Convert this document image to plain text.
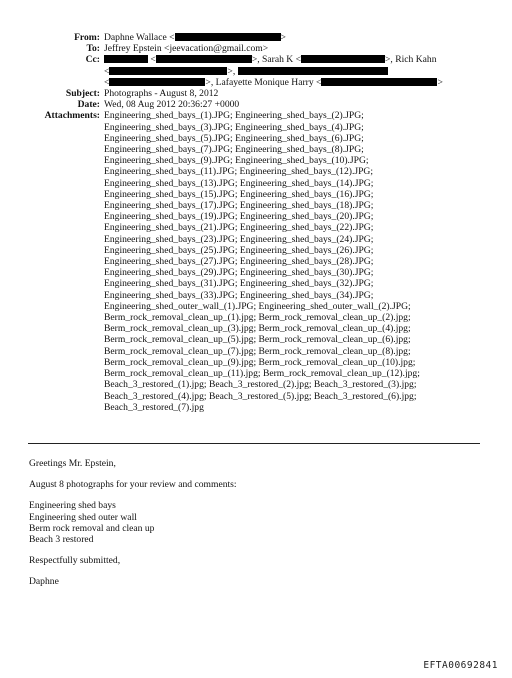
From: Daphne Wallace <	>
To: Jeffrey Epstein <jeevacation@gmail.com>
Cc:	<	>, Sarah K <	>, Rich Kahn
<	>,
<	>, Lafayette Monique Harry <	>
Subject: Photographs - August 8, 2012
Date: Wed, 08 Aug 2012 20:36:27 +0000
Attachments: Engineering_shed_bays_(1).JPG; Engineering_shed_bays_(2).JPG;
Engineering_shed_bays_(3).JPG; Engineering_shed_bays_(4).JPG;
Engineering_shed_bays_(5).JPG; Engineering_shed_bays_(6).JPG;
Engineering_shed_bays_(7).JPG; Engineering_shed_bays_(8).JPG;
Engineering_shed_bays_(9).JPG; Engineering_shed_bays_(10).JPG;
Engineering_shed_bays_(11).JPG; Engineering_shed_bays_(12).JPG;
Engineering_shed_bays_(13).JPG; Engineering_shed_bays_(14).JPG;
Engineering_shed_bays_(15).JPG; Engineering_shed_bays_(16).JPG;
Engineering_shed_bays_(17).JPG; Engineering_shed_bays_(18).JPG;
Engineering_shed_bays_(19).JPG; Engineering_shed_bays_(20).JPG;
Engineering_shed_bays_(21).JPG; Engineering_shed_bays_(22).JPG;
Engineering_shed_bays_(23).JPG; Engineering_shed_bays_(24).JPG;
Engineering_shed_bays_(25).JPG; Engineering_shed_bays_(26).JPG;
Engineering_shed_bays_(27).JPG; Engineering_shed_bays_(28).JPG;
Engineering_shed_bays_(29).JPG; Engineering_shed_bays_(30).JPG;
Engineering_shed_bays_(31).JPG; Engineering_shed_bays_(32).JPG;
Engineering_shed_bays_(33).JPG; Engineering_shed_bays_(34).JPG;
Engineering_shed_outer_wall_(1).JPG; Engineering_shed_outer_wall_(2).JPG;
Berm_rock_removal_clean_up_(1).jpg; Berm_rock_removal_clean_up_(2).jpg;
Berm_rock_removal_clean_up_(3).jpg; Berm_rock_removal_clean_up_(4).jpg;
Berm_rock_removal_clean_up_(5).jpg; Berm_rock_removal_clean_up_(6).jpg;
Berm_rock_removal_clean_up_(7).jpg; Berm_rock_removal_clean_up_(8).jpg;
Berm_rock_removal_clean_up_(9).jpg; Berm_rock_removal_clean_up_(10).jpg;
Berm_rock_removal_clean_up_(11).jpg; Berm_rock_removal_clean_up_(12).jpg;
Beach_3_restored_(1).jpg; Beach_3_restored_(2).jpg; Beach_3_restored_(3).jpg;
Beach_3_restored_(4).jpg; Beach_3_restored_(5).jpg; Beach_3_restored_(6).jpg;
Beach_3_restored_(7).jpg

Greetings Mr. Epstein,

August 8 photographs for your review and comments:

Engineering shed bays
Engineering shed outer wall
Berm rock removal and clean up
Beach 3 restored

Respectfully submitted,

Daphne

EFTA00692841
